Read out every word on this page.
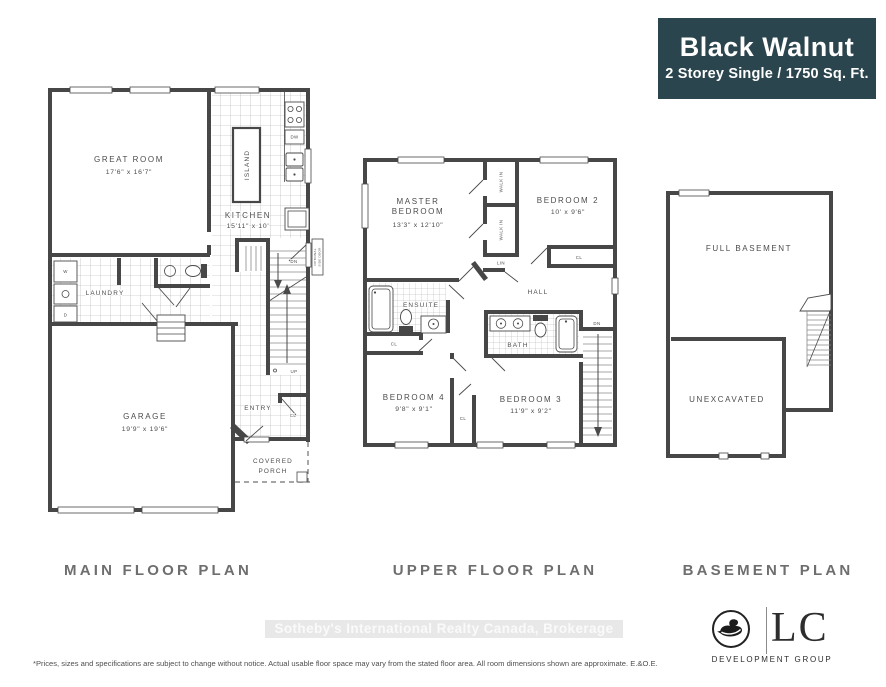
Black Walnut
2 Storey Single / 1750 Sq. Ft.
OPTIONAL SIDE DOOR
GREAT ROOM
17'6" x 16'7"
KITCHEN
15'11" x 10'
ISLAND
LAUNDRY
GARAGE
19'9" x 19'6"
ENTRY
CL
COVERED
PORCH
W
D
DW
UP
DN
MASTER
BEDROOM
13'3" x 12'10"
WALK IN
WALK IN
BEDROOM 2
10' x 9'6"
CL
LIN
HALL
ENSUITE
CL	BATH
BEDROOM 4
9'8" x 9'1"
BEDROOM 3
11'9" x 9'2"
CL
DN
FULL BASEMENT
UNEXCAVATED
MAIN FLOOR PLAN	UPPER FLOOR PLAN	BASEMENT PLAN
Sotheby's International Realty Canada, Brokerage	LC
DEVELOPMENT GROUP
*Prices, sizes and specifications are subject to change without notice. Actual usable floor space may vary from the stated floor area. All room dimensions shown are approximate. E.&O.E.
